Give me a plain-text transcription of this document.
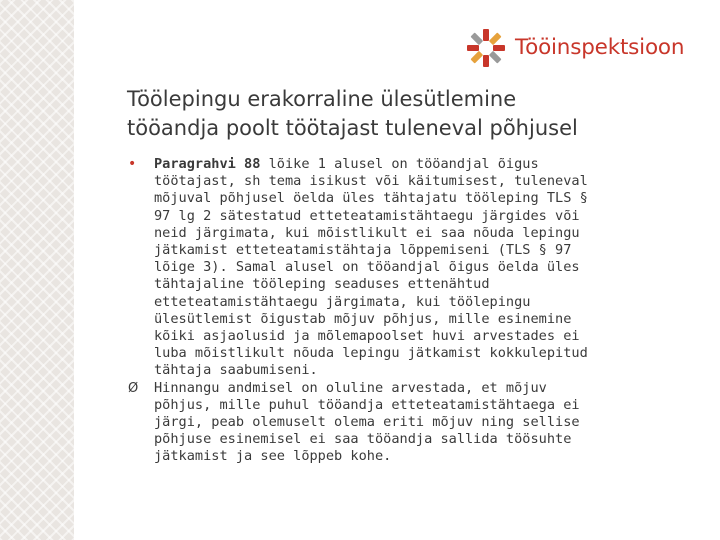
Tööinspektsioon
Töölepingu erakorraline ülesütlemine
tööandja poolt töötajast tuleneval põhjusel
•	Paragrahvi 88 lõike 1 alusel on tööandjal õigus
töötajast, sh tema isikust või käitumisest, tuleneval
mõjuval põhjusel öelda üles tähtajatu tööleping TLS §
97 lg 2 sätestatud etteteatamistähtaegu järgides või
neid järgimata, kui mõistlikult ei saa nõuda lepingu
jätkamist etteteatamistähtaja lõppemiseni (TLS § 97
lõige 3). Samal alusel on tööandjal õigus öelda üles
tähtajaline tööleping seaduses ettenähtud
etteteatamistähtaegu järgimata, kui töölepingu
ülesütlemist õigustab mõjuv põhjus, mille esinemine
kõiki asjaolusid ja mõlemapoolset huvi arvestades ei
luba mõistlikult nõuda lepingu jätkamist kokkulepitud
tähtaja saabumiseni.
Ø	Hinnangu andmisel on oluline arvestada, et mõjuv
põhjus, mille puhul tööandja etteteatamistähtaega ei
järgi, peab olemuselt olema eriti mõjuv ning sellise
põhjuse esinemisel ei saa tööandja sallida töösuhte
jätkamist ja see lõppeb kohe.
